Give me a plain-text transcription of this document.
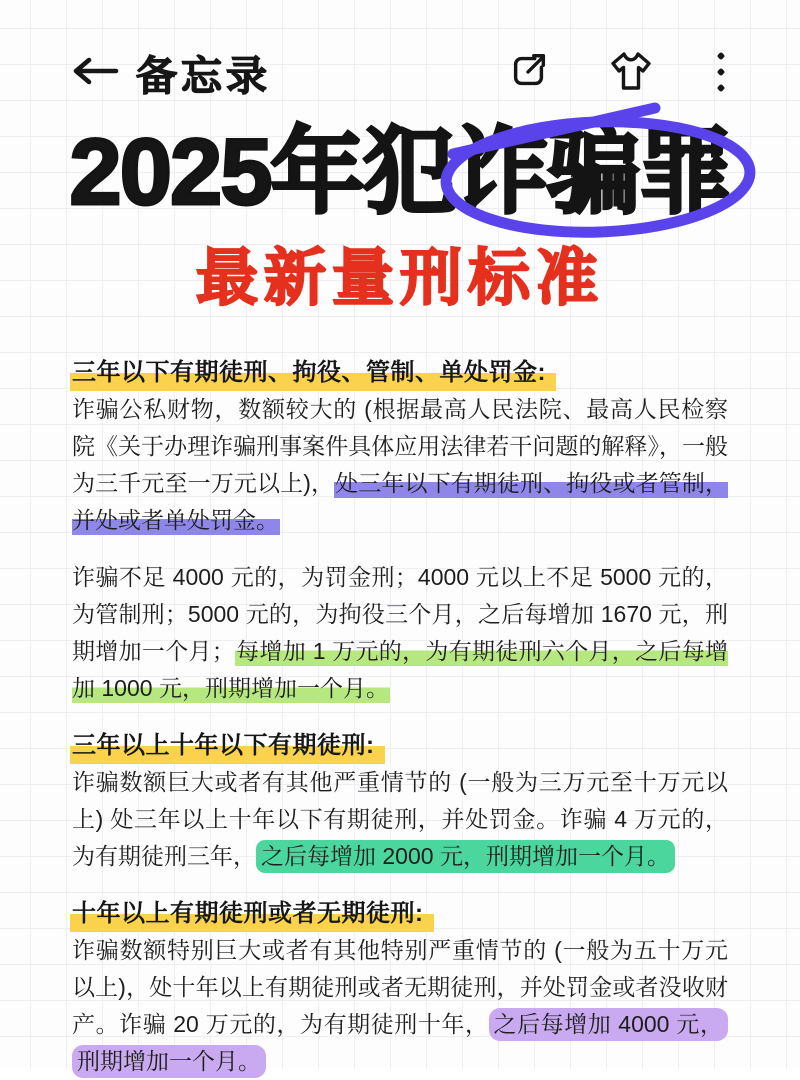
备忘录
2025年犯
诈骗罪
最新量刑标准
三年以下有期徒刑、拘役、管制、单处罚金:

诈骗公私财物，数额较大的 (根据最高人民法院、最高人民检察院《关于办理诈骗刑事案件具体应用法律若干问题的解释》，一般为三千元至一万元以上)，处三年以下有期徒刑、拘役或者管制，并处或者单处罚金。

诈骗不足 4000 元的，为罚金刑；4000 元以上不足 5000 元的，为管制刑；5000 元的，为拘役三个月，之后每增加 1670 元，刑期增加一个月；每增加 1 万元的，为有期徒刑六个月，之后每增加 1000 元，刑期增加一个月。

三年以上十年以下有期徒刑:

诈骗数额巨大或者有其他严重情节的 (一般为三万元至十万元以上) 处三年以上十年以下有期徒刑，并处罚金。诈骗 4 万元的，为有期徒刑三年， 之后每增加 2000 元，刑期增加一个月。

十年以上有期徒刑或者无期徒刑:

诈骗数额特别巨大或者有其他特别严重情节的 (一般为五十万元以上)，处十年以上有期徒刑或者无期徒刑，并处罚金或者没收财产。诈骗 20 万元的，为有期徒刑十年， 之后每增加 4000 元，刑期增加一个月。
